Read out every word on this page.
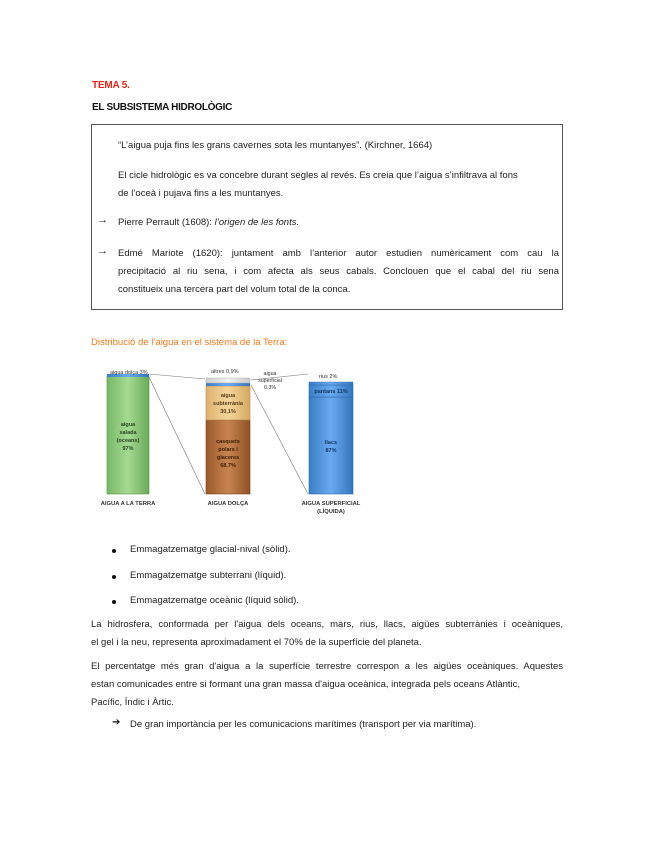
TEMA 5.
EL SUBSISTEMA HIDROLÒGIC
“L’aigua puja fins les grans cavernes sota les muntanyes”. (Kirchner, 1664)
El cicle hidrològic es va concebre durant segles al revés. Es creia que l’aigua s’infiltrava al fons
de l’oceà i pujava fins a les muntanyes.
→ Pierre Perrault (1608): l’origen de les fonts.
→ Edmé Mariote (1620): juntament amb l’anterior autor estudien numèricament com cau la
precipitació al riu sena, i com afecta als seus cabals. Conclouen que el cabal del riu sena
constitueix una tercera part del volum total de la conca.
Distribució de l’aigua en el sistema de la Terra:
aigua dolça 3%
aigua
salada
(oceans)
97%
AIGUA A LA TERRA
altres 0,9%
aigua
subterrània
30,1%
casquets
polars i
glaceres
68,7%
aigua
superficial
0,3%
AIGUA DOLÇA
rius 2%
pantans 11%
llacs
87%
AIGUA SUPERFICIAL
(LÍQUIDA)
Emmagatzematge glacial-nival (sòlid).
Emmagatzematge subterrani (líquid).
Emmagatzematge oceànic (líquid sòlid).
La hidrosfera, conformada per l'aigua dels oceans, mars, rius, llacs, aigües subterrànies i oceàniques,
el gel i la neu, representa aproximadament el 70% de la superfície del planeta.
El percentatge més gran d'aigua a la superfície terrestre correspon a les aigües oceàniques. Aquestes
estan comunicades entre si formant una gran massa d'aigua oceànica, integrada pels oceans Atlàntic,
Pacífic, Índic i Àrtic.
➔ De gran importància per les comunicacions marítimes (transport per via marítima).
